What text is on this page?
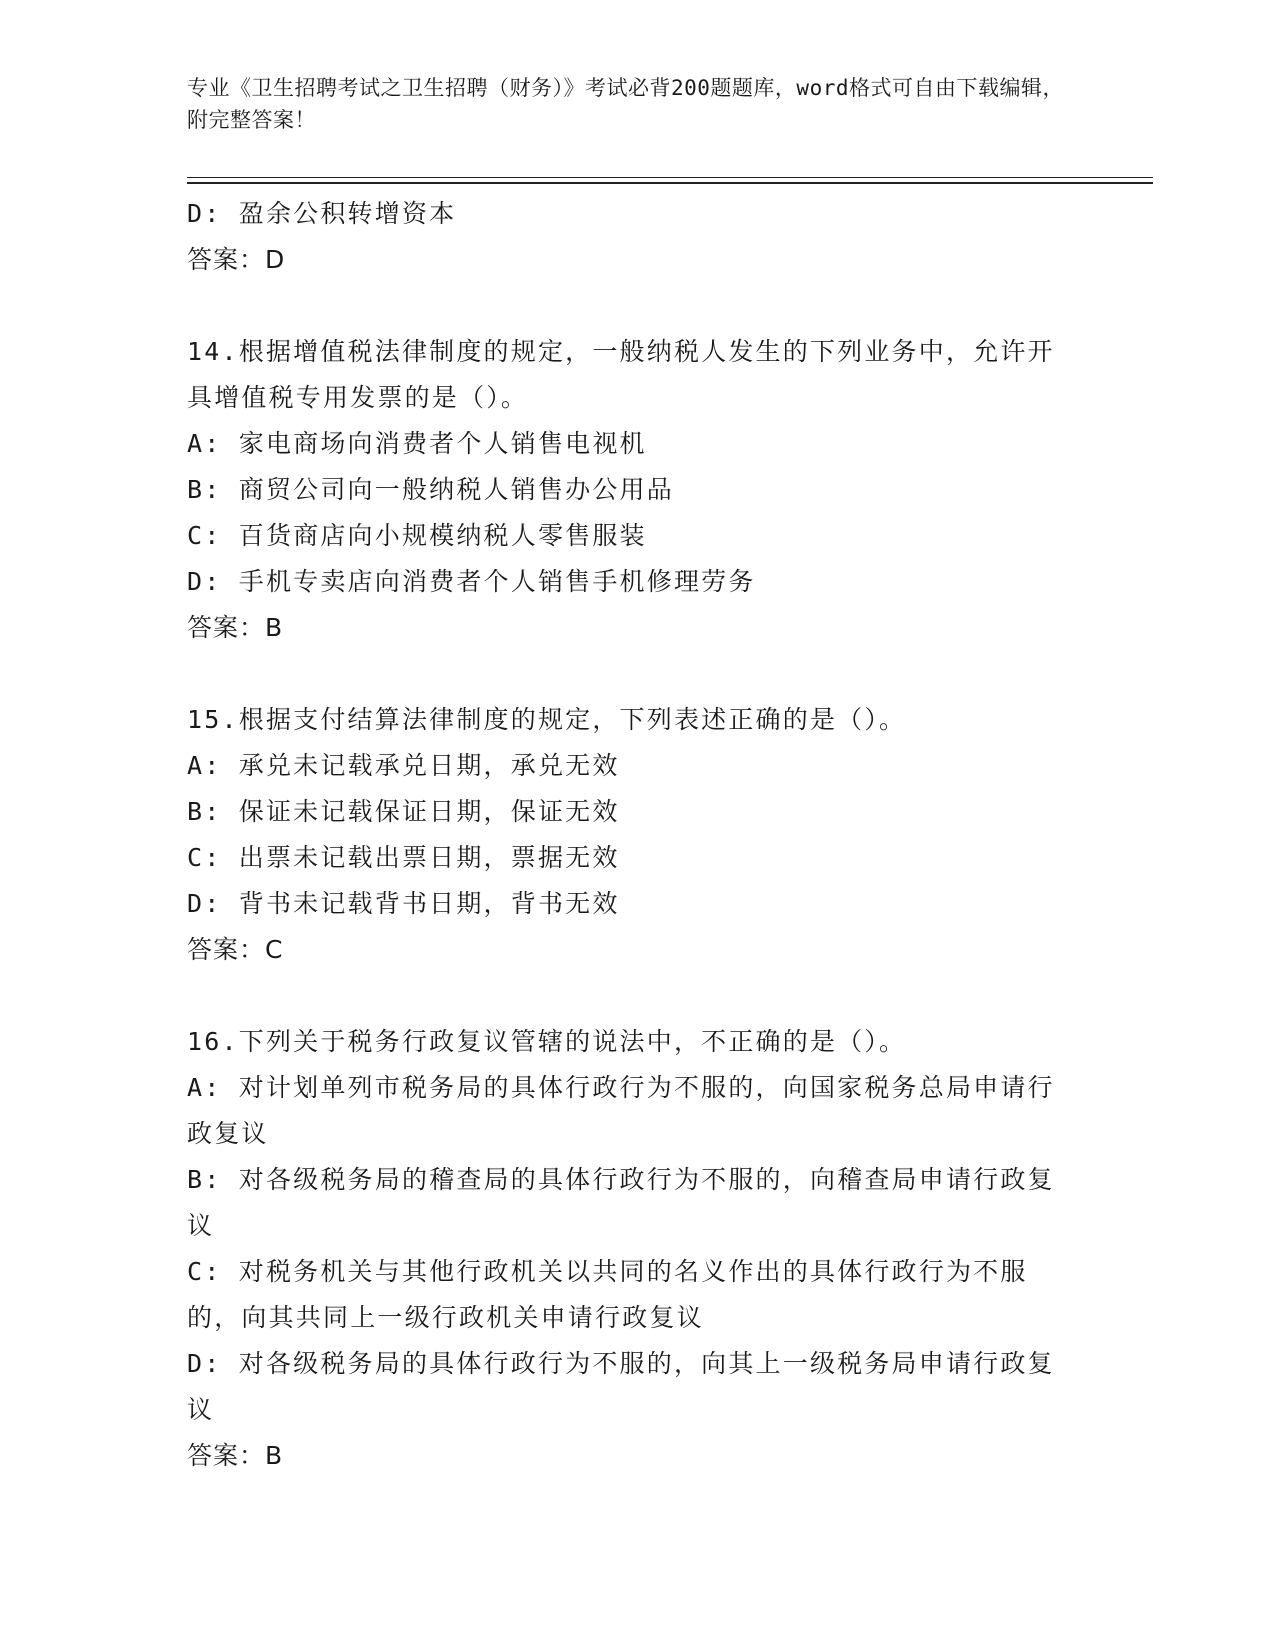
专业《卫生招聘考试之卫生招聘（财务）》考试必背200题题库，word格式可自由下载编辑，附完整答案！
D: 盈余公积转增资本
答案：D
14.根据增值税法律制度的规定，一般纳税人发生的下列业务中，允许开具增值税专用发票的是（）。
A: 家电商场向消费者个人销售电视机
B: 商贸公司向一般纳税人销售办公用品
C: 百货商店向小规模纳税人零售服装
D: 手机专卖店向消费者个人销售手机修理劳务
答案：B
15.根据支付结算法律制度的规定，下列表述正确的是（）。
A: 承兑未记载承兑日期，承兑无效
B: 保证未记载保证日期，保证无效
C: 出票未记载出票日期，票据无效
D: 背书未记载背书日期，背书无效
答案：C
16.下列关于税务行政复议管辖的说法中，不正确的是（）。
A: 对计划单列市税务局的具体行政行为不服的，向国家税务总局申请行政复议
B: 对各级税务局的稽查局的具体行政行为不服的，向稽查局申请行政复议
C: 对税务机关与其他行政机关以共同的名义作出的具体行政行为不服的，向其共同上一级行政机关申请行政复议
D: 对各级税务局的具体行政行为不服的，向其上一级税务局申请行政复议
答案：B
